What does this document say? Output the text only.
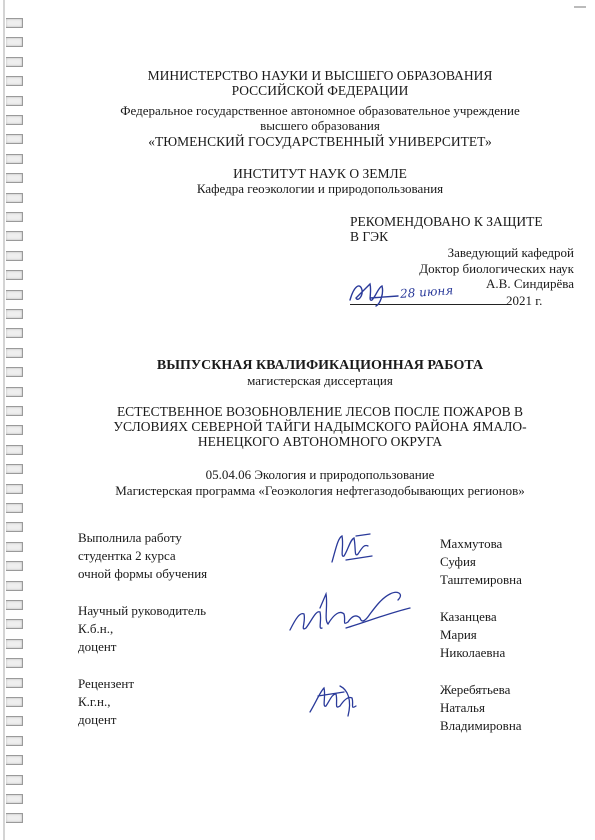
МИНИСТЕРСТВО НАУКИ И ВЫСШЕГО ОБРАЗОВАНИЯ
РОССИЙСКОЙ ФЕДЕРАЦИИ
Федеральное государственное автономное образовательное учреждение
высшего образования
«ТЮМЕНСКИЙ ГОСУДАРСТВЕННЫЙ УНИВЕРСИТЕТ»
ИНСТИТУТ НАУК О ЗЕМЛЕ
Кафедра геоэкологии и природопользования
РЕКОМЕНДОВАНО К ЗАЩИТЕ
В ГЭК
Заведующий кафедрой
Доктор биологических наук
А.В. Синдирёва
28 июня	2021 г.
ВЫПУСКНАЯ КВАЛИФИКАЦИОННАЯ РАБОТА
магистерская диссертация
ЕСТЕСТВЕННОЕ ВОЗОБНОВЛЕНИЕ ЛЕСОВ ПОСЛЕ ПОЖАРОВ В
УСЛОВИЯХ СЕВЕРНОЙ ТАЙГИ НАДЫМСКОГО РАЙОНА ЯМАЛО-
НЕНЕЦКОГО АВТОНОМНОГО ОКРУГА
05.04.06 Экология и природопользование
Магистерская программа «Геоэкология нефтегазодобывающих регионов»
Выполнила работу
студентка 2 курса
очной формы обучения
Махмутова
Суфия
Таштемировна
Научный руководитель
К.б.н.,
доцент
Казанцева
Мария
Николаевна
Рецензент
К.г.н.,
доцент
Жеребятьева
Наталья
Владимировна
